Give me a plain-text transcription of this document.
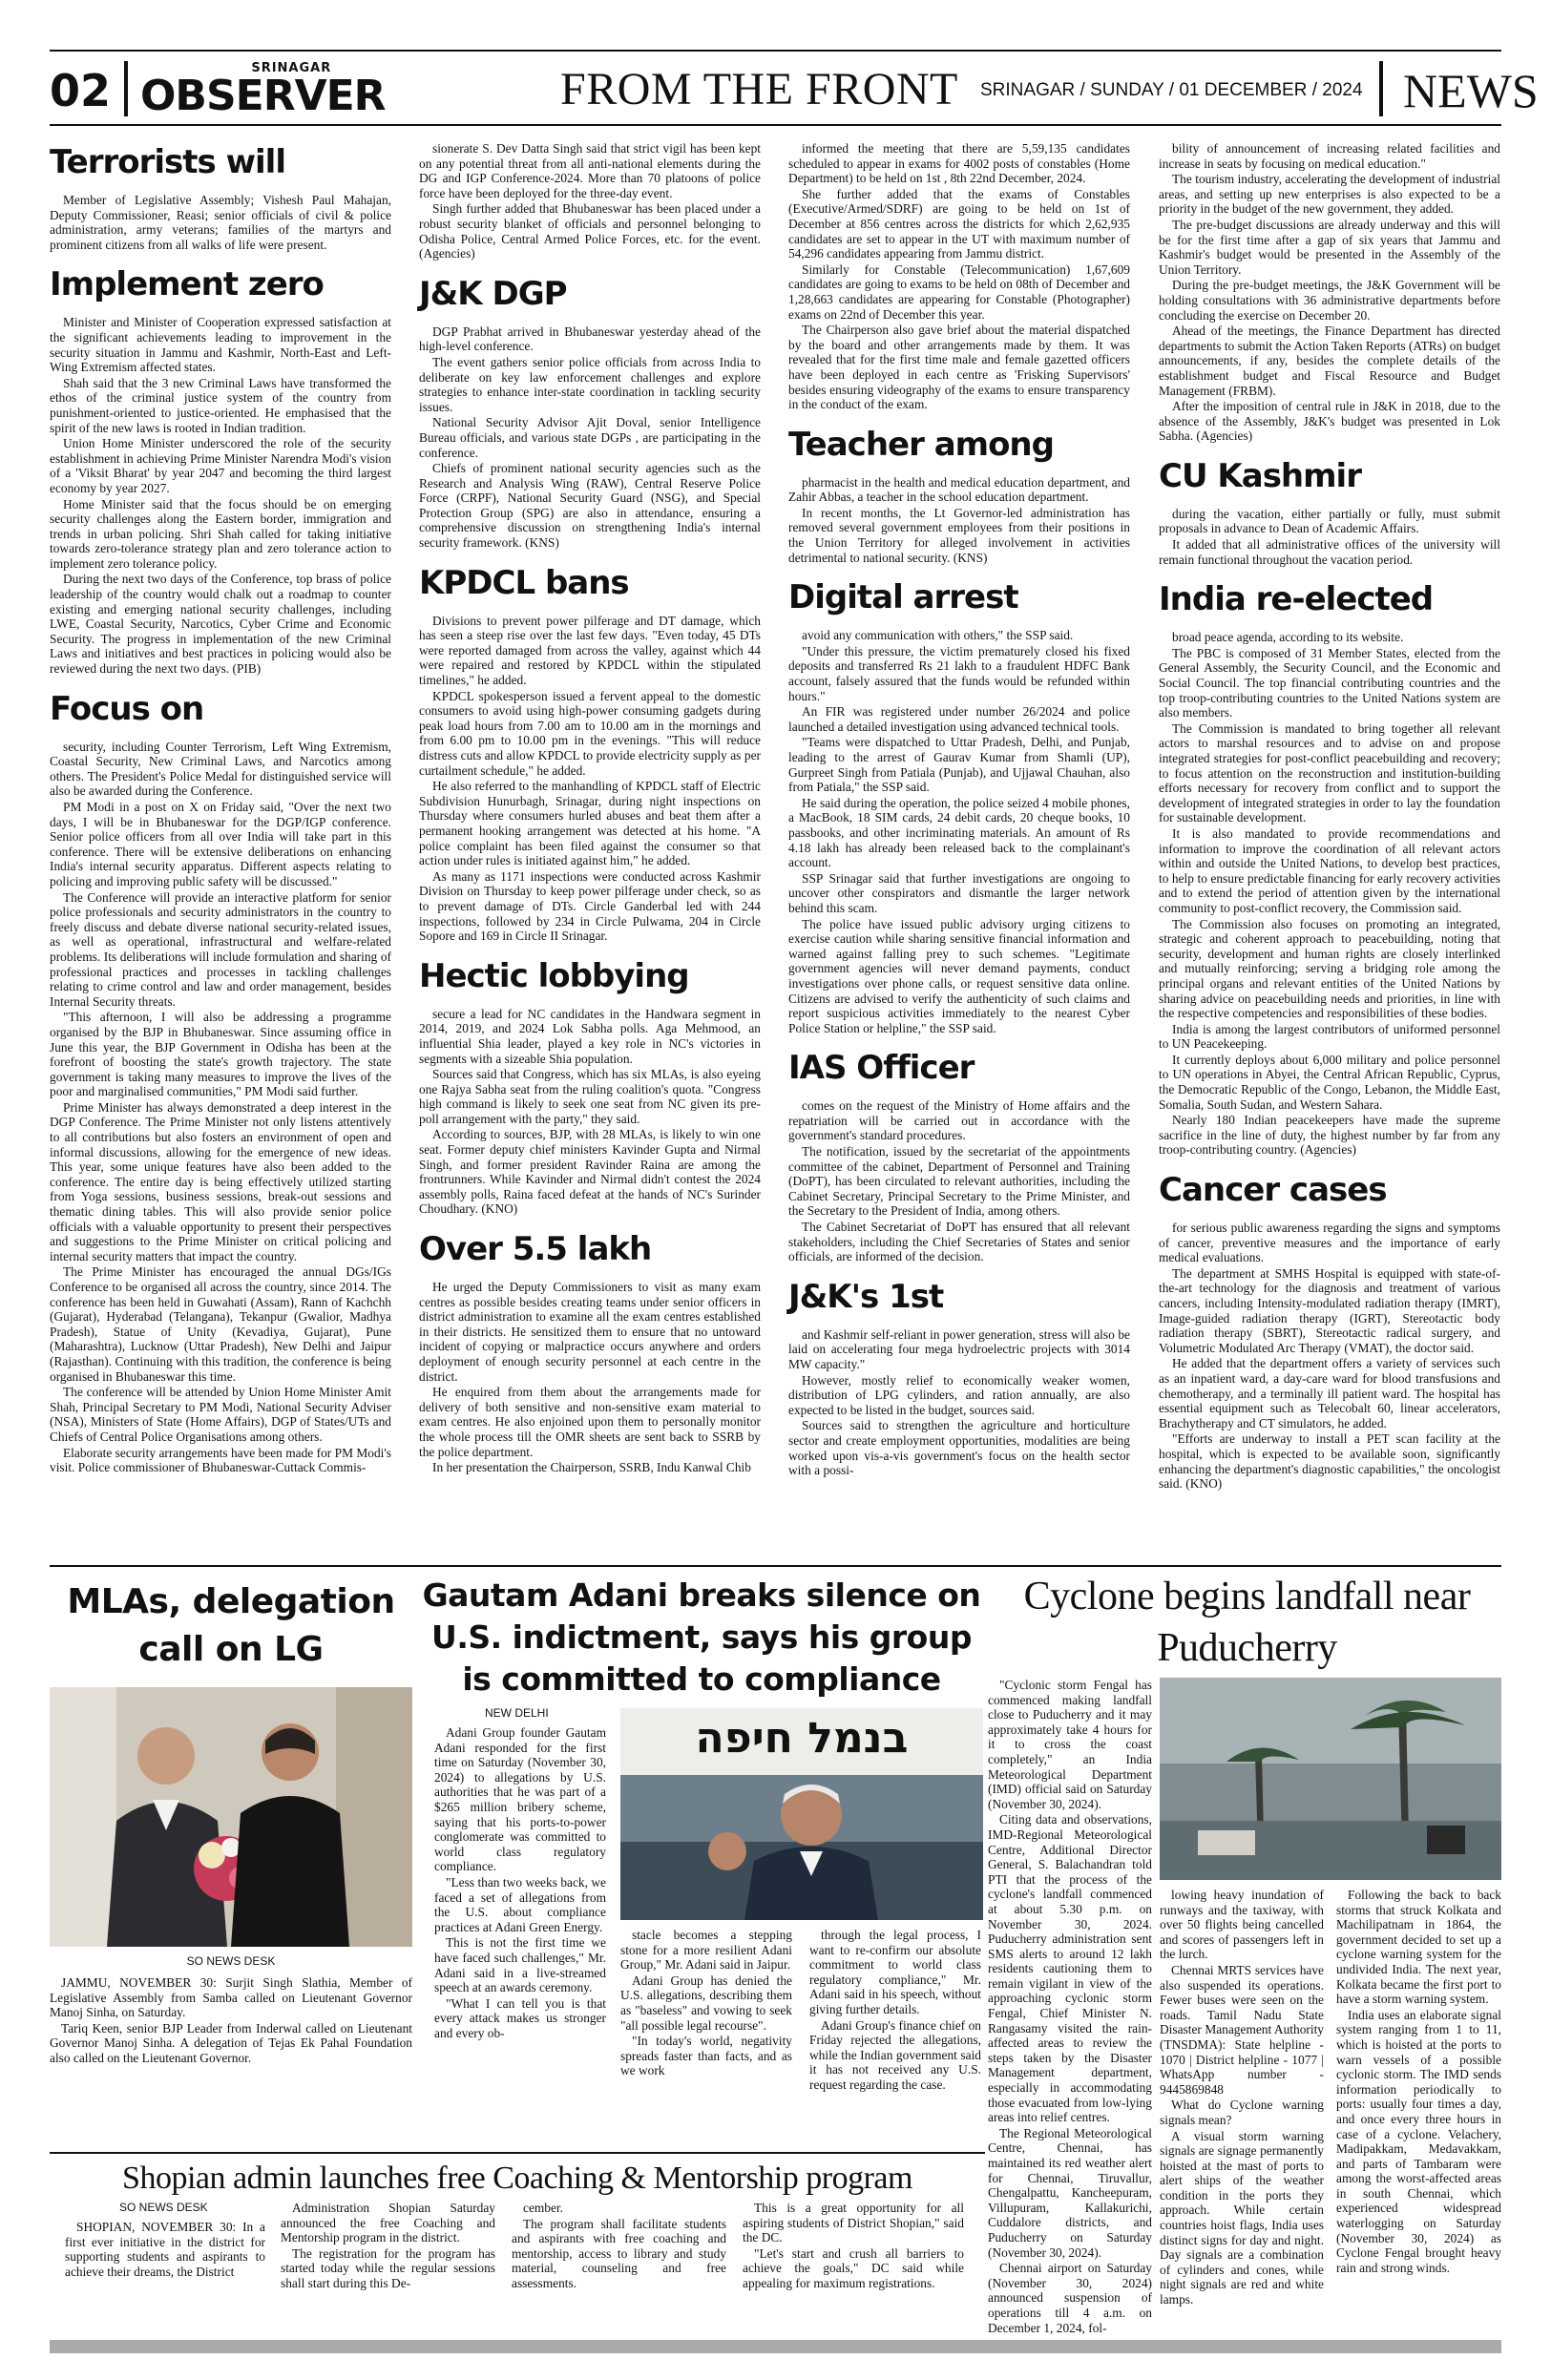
02	SRINAGAR
OBSERVER	FROM THE FRONT SRINAGAR / SUNDAY / 01 DECEMBER / 2024 NEWS
Terrorists will

Member of Legislative Assembly; Vishesh Paul Mahajan, Deputy Commissioner, Reasi; senior officials of civil & police administration, army veterans; families of the martyrs and prominent citizens from all walks of life were present.

Implement zero

Minister and Minister of Cooperation expressed satisfaction at the significant achievements leading to improvement in the security situation in Jammu and Kashmir, North-East and Left-Wing Extremism affected states.

Shah said that the 3 new Criminal Laws have transformed the ethos of the criminal justice system of the country from punishment-oriented to justice-oriented. He emphasised that the spirit of the new laws is rooted in Indian tradition.

Union Home Minister underscored the role of the security establishment in achieving Prime Minister Narendra Modi's vision of a 'Viksit Bharat' by year 2047 and becoming the third largest economy by year 2027.

Home Minister said that the focus should be on emerging security challenges along the Eastern border, immigration and trends in urban policing. Shri Shah called for taking initiative towards zero-tolerance strategy plan and zero tolerance action to implement zero tolerance policy.

During the next two days of the Conference, top brass of police leadership of the country would chalk out a roadmap to counter existing and emerging national security challenges, including LWE, Coastal Security, Narcotics, Cyber Crime and Economic Security. The progress in implementation of the new Criminal Laws and initiatives and best practices in policing would also be reviewed during the next two days. (PIB)

Focus on

security, including Counter Terrorism, Left Wing Extremism, Coastal Security, New Criminal Laws, and Narcotics among others. The President's Police Medal for distinguished service will also be awarded during the Conference.

PM Modi in a post on X on Friday said, "Over the next two days, I will be in Bhubaneswar for the DGP/IGP conference. Senior police officers from all over India will take part in this conference. There will be extensive deliberations on enhancing India's internal security apparatus. Different aspects relating to policing and improving public safety will be discussed."

The Conference will provide an interactive platform for senior police professionals and security administrators in the country to freely discuss and debate diverse national security-related issues, as well as operational, infrastructural and welfare-related problems. Its deliberations will include formulation and sharing of professional practices and processes in tackling challenges relating to crime control and law and order management, besides Internal Security threats.

"This afternoon, I will also be addressing a programme organised by the BJP in Bhubaneswar. Since assuming office in June this year, the BJP Government in Odisha has been at the forefront of boosting the state's growth trajectory. The state government is taking many measures to improve the lives of the poor and marginalised communities," PM Modi said further.

Prime Minister has always demonstrated a deep interest in the DGP Conference. The Prime Minister not only listens attentively to all contributions but also fosters an environment of open and informal discussions, allowing for the emergence of new ideas. This year, some unique features have also been added to the conference. The entire day is being effectively utilized starting from Yoga sessions, business sessions, break-out sessions and thematic dining tables. This will also provide senior police officials with a valuable opportunity to present their perspectives and suggestions to the Prime Minister on critical policing and internal security matters that impact the country.

The Prime Minister has encouraged the annual DGs/IGs Conference to be organised all across the country, since 2014. The conference has been held in Guwahati (Assam), Rann of Kachchh (Gujarat), Hyderabad (Telangana), Tekanpur (Gwalior, Madhya Pradesh), Statue of Unity (Kevadiya, Gujarat), Pune (Maharashtra), Lucknow (Uttar Pradesh), New Delhi and Jaipur (Rajasthan). Continuing with this tradition, the conference is being organised in Bhubaneswar this time.

The conference will be attended by Union Home Minister Amit Shah, Principal Secretary to PM Modi, National Security Adviser (NSA), Ministers of State (Home Affairs), DGP of States/UTs and Chiefs of Central Police Organisations among others.

Elaborate security arrangements have been made for PM Modi's visit. Police commissioner of Bhubaneswar-Cuttack Commis-

sionerate S. Dev Datta Singh said that strict vigil has been kept on any potential threat from all anti-national elements during the DG and IGP Conference-2024. More than 70 platoons of police force have been deployed for the three-day event.

Singh further added that Bhubaneswar has been placed under a robust security blanket of officials and personnel belonging to Odisha Police, Central Armed Police Forces, etc. for the event. (Agencies)

J&K DGP

DGP Prabhat arrived in Bhubaneswar yesterday ahead of the high-level conference.

The event gathers senior police officials from across India to deliberate on key law enforcement challenges and explore strategies to enhance inter-state coordination in tackling security issues.

National Security Advisor Ajit Doval, senior Intelligence Bureau officials, and various state DGPs , are participating in the conference.

Chiefs of prominent national security agencies such as the Research and Analysis Wing (RAW), Central Reserve Police Force (CRPF), National Security Guard (NSG), and Special Protection Group (SPG) are also in attendance, ensuring a comprehensive discussion on strengthening India's internal security framework. (KNS)

KPDCL bans

Divisions to prevent power pilferage and DT damage, which has seen a steep rise over the last few days. "Even today, 45 DTs were reported damaged from across the valley, against which 44 were repaired and restored by KPDCL within the stipulated timelines," he added.

KPDCL spokesperson issued a fervent appeal to the domestic consumers to avoid using high-power consuming gadgets during peak load hours from 7.00 am to 10.00 am in the mornings and from 6.00 pm to 10.00 pm in the evenings. "This will reduce distress cuts and allow KPDCL to provide electricity supply as per curtailment schedule," he added.

He also referred to the manhandling of KPDCL staff of Electric Subdivision Hunurbagh, Srinagar, during night inspections on Thursday where consumers hurled abuses and beat them after a permanent hooking arrangement was detected at his home. "A police complaint has been filed against the consumer so that action under rules is initiated against him," he added.

As many as 1171 inspections were conducted across Kashmir Division on Thursday to keep power pilferage under check, so as to prevent damage of DTs. Circle Ganderbal led with 244 inspections, followed by 234 in Circle Pulwama, 204 in Circle Sopore and 169 in Circle II Srinagar.

Hectic lobbying

secure a lead for NC candidates in the Handwara segment in 2014, 2019, and 2024 Lok Sabha polls. Aga Mehmood, an influential Shia leader, played a key role in NC's victories in segments with a sizeable Shia population.

Sources said that Congress, which has six MLAs, is also eyeing one Rajya Sabha seat from the ruling coalition's quota. "Congress high command is likely to seek one seat from NC given its pre-poll arrangement with the party," they said.

According to sources, BJP, with 28 MLAs, is likely to win one seat. Former deputy chief ministers Kavinder Gupta and Nirmal Singh, and former president Ravinder Raina are among the frontrunners. While Kavinder and Nirmal didn't contest the 2024 assembly polls, Raina faced defeat at the hands of NC's Surinder Choudhary. (KNO)

Over 5.5 lakh

He urged the Deputy Commissioners to visit as many exam centres as possible besides creating teams under senior officers in district administration to examine all the exam centres established in their districts. He sensitized them to ensure that no untoward incident of copying or malpractice occurs anywhere and orders deployment of enough security personnel at each centre in the district.

He enquired from them about the arrangements made for delivery of both sensitive and non-sensitive exam material to exam centres. He also enjoined upon them to personally monitor the whole process till the OMR sheets are sent back to SSRB by the police department.

In her presentation the Chairperson, SSRB, Indu Kanwal Chib

informed the meeting that there are 5,59,135 candidates scheduled to appear in exams for 4002 posts of constables (Home Department) to be held on 1st , 8th 22nd December, 2024.

She further added that the exams of Constables (Executive/Armed/SDRF) are going to be held on 1st of December at 856 centres across the districts for which 2,62,935 candidates are set to appear in the UT with maximum number of 54,296 candidates appearing from Jammu district.

Similarly for Constable (Telecommunication) 1,67,609 candidates are going to exams to be held on 08th of December and 1,28,663 candidates are appearing for Constable (Photographer) exams on 22nd of December this year.

The Chairperson also gave brief about the material dispatched by the board and other arrangements made by them. It was revealed that for the first time male and female gazetted officers have been deployed in each centre as 'Frisking Supervisors' besides ensuring videography of the exams to ensure transparency in the conduct of the exam.

Teacher among

pharmacist in the health and medical education department, and Zahir Abbas, a teacher in the school education department.

In recent months, the Lt Governor-led administration has removed several government employees from their positions in the Union Territory for alleged involvement in activities detrimental to national security. (KNS)

Digital arrest

avoid any communication with others," the SSP said.

"Under this pressure, the victim prematurely closed his fixed deposits and transferred Rs 21 lakh to a fraudulent HDFC Bank account, falsely assured that the funds would be refunded within hours."

An FIR was registered under number 26/2024 and police launched a detailed investigation using advanced technical tools.

"Teams were dispatched to Uttar Pradesh, Delhi, and Punjab, leading to the arrest of Gaurav Kumar from Shamli (UP), Gurpreet Singh from Patiala (Punjab), and Ujjawal Chauhan, also from Patiala," the SSP said.

He said during the operation, the police seized 4 mobile phones, a MacBook, 18 SIM cards, 24 debit cards, 20 cheque books, 10 passbooks, and other incriminating materials. An amount of Rs 4.18 lakh has already been released back to the complainant's account.

SSP Srinagar said that further investigations are ongoing to uncover other conspirators and dismantle the larger network behind this scam.

The police have issued public advisory urging citizens to exercise caution while sharing sensitive financial information and warned against falling prey to such schemes. "Legitimate government agencies will never demand payments, conduct investigations over phone calls, or request sensitive data online. Citizens are advised to verify the authenticity of such claims and report suspicious activities immediately to the nearest Cyber Police Station or helpline," the SSP said.

IAS Officer

comes on the request of the Ministry of Home affairs and the repatriation will be carried out in accordance with the government's standard procedures.

The notification, issued by the secretariat of the appointments committee of the cabinet, Department of Personnel and Training (DoPT), has been circulated to relevant authorities, including the Cabinet Secretary, Principal Secretary to the Prime Minister, and the Secretary to the President of India, among others.

The Cabinet Secretariat of DoPT has ensured that all relevant stakeholders, including the Chief Secretaries of States and senior officials, are informed of the decision.

J&K's 1st

and Kashmir self-reliant in power generation, stress will also be laid on accelerating four mega hydroelectric projects with 3014 MW capacity."

However, mostly relief to economically weaker women, distribution of LPG cylinders, and ration annually, are also expected to be listed in the budget, sources said.

Sources said to strengthen the agriculture and horticulture sector and create employment opportunities, modalities are being worked upon vis-a-vis government's focus on the health sector with a possi-

bility of announcement of increasing related facilities and increase in seats by focusing on medical education."

The tourism industry, accelerating the development of industrial areas, and setting up new enterprises is also expected to be a priority in the budget of the new government, they added.

The pre-budget discussions are already underway and this will be for the first time after a gap of six years that Jammu and Kashmir's budget would be presented in the Assembly of the Union Territory.

During the pre-budget meetings, the J&K Government will be holding consultations with 36 administrative departments before concluding the exercise on December 20.

Ahead of the meetings, the Finance Department has directed departments to submit the Action Taken Reports (ATRs) on budget announcements, if any, besides the complete details of the establishment budget and Fiscal Resource and Budget Management (FRBM).

After the imposition of central rule in J&K in 2018, due to the absence of the Assembly, J&K's budget was presented in Lok Sabha. (Agencies)

CU Kashmir

during the vacation, either partially or fully, must submit proposals in advance to Dean of Academic Affairs.

It added that all administrative offices of the university will remain functional throughout the vacation period.

India re-elected

broad peace agenda, according to its website.

The PBC is composed of 31 Member States, elected from the General Assembly, the Security Council, and the Economic and Social Council. The top financial contributing countries and the top troop-contributing countries to the United Nations system are also members.

The Commission is mandated to bring together all relevant actors to marshal resources and to advise on and propose integrated strategies for post-conflict peacebuilding and recovery; to focus attention on the reconstruction and institution-building efforts necessary for recovery from conflict and to support the development of integrated strategies in order to lay the foundation for sustainable development.

It is also mandated to provide recommendations and information to improve the coordination of all relevant actors within and outside the United Nations, to develop best practices, to help to ensure predictable financing for early recovery activities and to extend the period of attention given by the international community to post-conflict recovery, the Commission said.

The Commission also focuses on promoting an integrated, strategic and coherent approach to peacebuilding, noting that security, development and human rights are closely interlinked and mutually reinforcing; serving a bridging role among the principal organs and relevant entities of the United Nations by sharing advice on peacebuilding needs and priorities, in line with the respective competencies and responsibilities of these bodies.

India is among the largest contributors of uniformed personnel to UN Peacekeeping.

It currently deploys about 6,000 military and police personnel to UN operations in Abyei, the Central African Republic, Cyprus, the Democratic Republic of the Congo, Lebanon, the Middle East, Somalia, South Sudan, and Western Sahara.

Nearly 180 Indian peacekeepers have made the supreme sacrifice in the line of duty, the highest number by far from any troop-contributing country. (Agencies)

Cancer cases

for serious public awareness regarding the signs and symptoms of cancer, preventive measures and the importance of early medical evaluations.

The department at SMHS Hospital is equipped with state-of-the-art technology for the diagnosis and treatment of various cancers, including Intensity-modulated radiation therapy (IMRT), Image-guided radiation therapy (IGRT), Stereotactic body radiation therapy (SBRT), Stereotactic radical surgery, and Volumetric Modulated Arc Therapy (VMAT), the doctor said.

He added that the department offers a variety of services such as an inpatient ward, a day-care ward for blood transfusions and chemotherapy, and a terminally ill patient ward. The hospital has essential equipment such as Telecobalt 60, linear accelerators, Brachytherapy and CT simulators, he added.

"Efforts are underway to install a PET scan facility at the hospital, which is expected to be available soon, significantly enhancing the department's diagnostic capabilities," the oncologist said. (KNO)

MLAs, delegation call on LG
SO NEWS DESK

JAMMU, NOVEMBER 30: Surjit Singh Slathia, Member of Legislative Assembly from Samba called on Lieutenant Governor Manoj Sinha, on Saturday.

Tariq Keen, senior BJP Leader from Inderwal called on Lieutenant Governor Manoj Sinha. A delegation of Tejas Ek Pahal Foundation also called on the Lieutenant Governor.

Gautam Adani breaks silence on U.S. indictment, says his group is committed to compliance
NEW DELHI

Adani Group founder Gautam Adani responded for the first time on Saturday (November 30, 2024) to allegations by U.S. authorities that he was part of a $265 million bribery scheme, saying that his ports-to-power conglomerate was committed to world class regulatory compliance.

"Less than two weeks back, we faced a set of allegations from the U.S. about compliance practices at Adani Green Energy.

This is not the first time we have faced such challenges," Mr. Adani said in a live-streamed speech at an awards ceremony.

"What I can tell you is that every attack makes us stronger and every ob-

בנמל חיפה

stacle becomes a stepping stone for a more resilient Adani Group," Mr. Adani said in Jaipur.

Adani Group has denied the U.S. allegations, describing them as "baseless" and vowing to seek "all possible legal recourse".

"In today's world, negativity spreads faster than facts, and as we work

through the legal process, I want to re-confirm our absolute commitment to world class regulatory compliance," Mr. Adani said in his speech, without giving further details.

Adani Group's finance chief on Friday rejected the allegations, while the Indian government said it has not received any U.S. request regarding the case.

Cyclone begins landfall near Puducherry

"Cyclonic storm Fengal has commenced making landfall close to Puducherry and it may approximately take 4 hours for it to cross the coast completely," an India Meteorological Department (IMD) official said on Saturday (November 30, 2024).

Citing data and observations, IMD-Regional Meteorological Centre, Additional Director General, S. Balachandran told PTI that the process of the cyclone's landfall commenced at about 5.30 p.m. on November 30, 2024. Puducherry administration sent SMS alerts to around 12 lakh residents cautioning them to remain vigilant in view of the approaching cyclonic storm Fengal, Chief Minister N. Rangasamy visited the rain-affected areas to review the steps taken by the Disaster Management department, especially in accommodating those evacuated from low-lying areas into relief centres.

The Regional Meteorological Centre, Chennai, has maintained its red weather alert for Chennai, Tiruvallur, Chengalpattu, Kancheepuram, Villupuram, Kallakurichi, Cuddalore districts, and Puducherry on Saturday (November 30, 2024).

Chennai airport on Saturday (November 30, 2024) announced suspension of operations till 4 a.m. on December 1, 2024, fol-

lowing heavy inundation of runways and the taxiway, with over 50 flights being cancelled and scores of passengers left in the lurch.

Chennai MRTS services have also suspended its operations. Fewer buses were seen on the roads. Tamil Nadu State Disaster Management Authority (TNSDMA): State helpline - 1070 | District helpline - 1077 | WhatsApp number - 9445869848

What do Cyclone warning signals mean?

A visual storm warning signals are signage permanently hoisted at the mast of ports to alert ships of the weather condition in the ports they approach. While certain countries hoist flags, India uses distinct signs for day and night. Day signals are a combination of cylinders and cones, while night signals are red and white lamps.

Following the back to back storms that struck Kolkata and Machilipatnam in 1864, the government decided to set up a cyclone warning system for the undivided India. The next year, Kolkata became the first port to have a storm warning system.

India uses an elaborate signal system ranging from 1 to 11, which is hoisted at the ports to warn vessels of a possible cyclonic storm. The IMD sends information periodically to ports: usually four times a day, and once every three hours in case of a cyclone. Velachery, Madipakkam, Medavakkam, and parts of Tambaram were among the worst-affected areas in south Chennai, which experienced widespread waterlogging on Saturday (November 30, 2024) as Cyclone Fengal brought heavy rain and strong winds.

Shopian admin launches free Coaching & Mentorship program
SO NEWS DESK

SHOPIAN, NOVEMBER 30: In a first ever initiative in the district for supporting students and aspirants to achieve their dreams, the District

Administration Shopian Saturday announced the free Coaching and Mentorship program in the district.

The registration for the program has started today while the regular sessions shall start during this De-

cember.

The program shall facilitate students and aspirants with free coaching and mentorship, access to library and study material, counseling and free assessments.

This is a great opportunity for all aspiring students of District Shopian," said the DC.

"Let's start and crush all barriers to achieve the goals," DC said while appealing for maximum registrations.
